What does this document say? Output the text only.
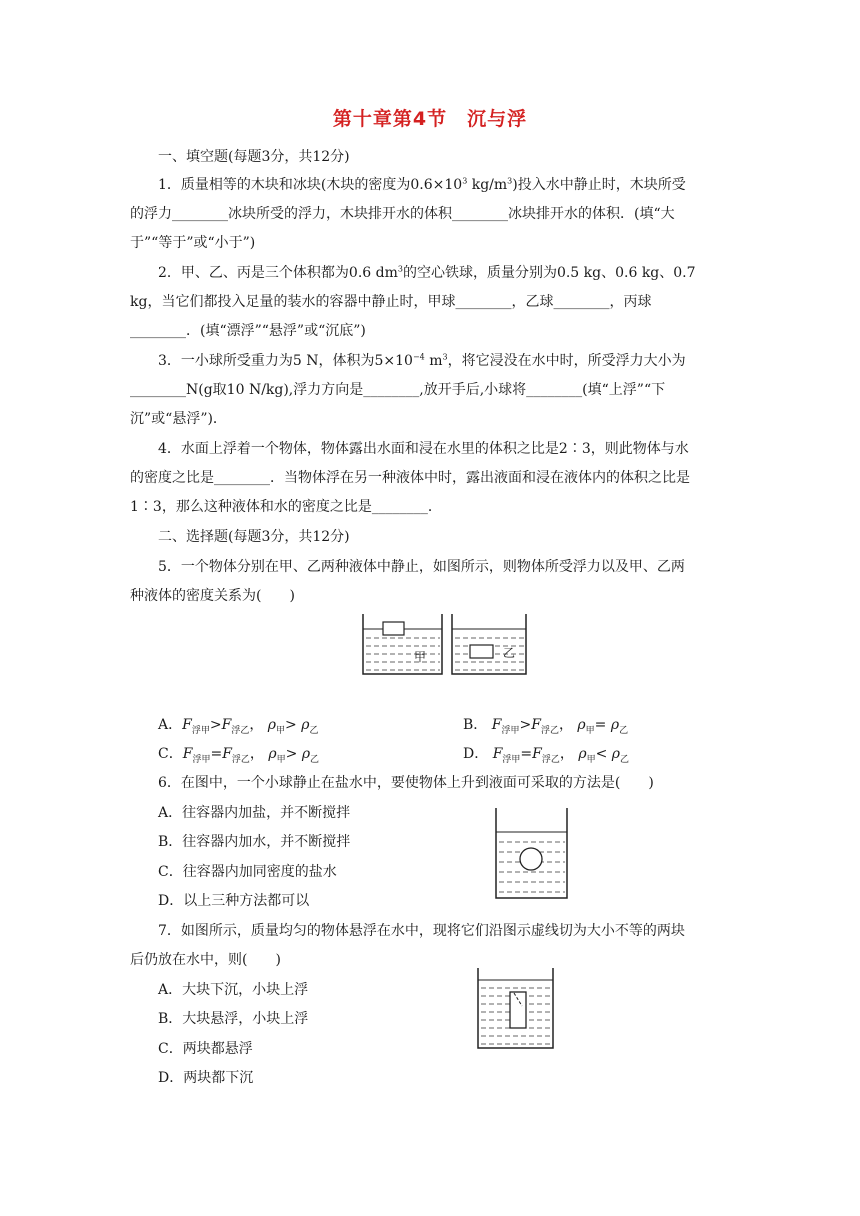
第十章第4节　沉与浮
一、填空题(每题3分，共12分)
1．质量相等的木块和冰块(木块的密度为$0.6\times 10^3$ $kg/m^3$)投入水中静止时，木块所受
的浮力________冰块所受的浮力，木块排开水的体积________冰块排开水的体积．(填“大
于”“等于”或“小于”)
2．甲、乙、丙是三个体积都为0.6 $dm^3$的空心铁球，质量分别为0.5 kg、0.6 kg、0.7
kg，当它们都投入足量的装水的容器中静止时，甲球________，乙球________，丙球
________．(填“漂浮”“悬浮”或“沉底”)
3．一小球所受重力为5 N，体积为$5\times 10^{-4}$ $m^3$，将它浸没在水中时，所受浮力大小为
________N(g取10 N/kg),浮力方向是________,放开手后,小球将________(填“上浮”“下
沉”或“悬浮”)．
4．水面上浮着一个物体，物体露出水面和浸在水里的体积之比是2∶3，则此物体与水
的密度之比是________．当物体浮在另一种液体中时，露出液面和浸在液体内的体积之比是
1∶3，那么这种液体和水的密度之比是________．
二、选择题(每题3分，共12分)
5．一个物体分别在甲、乙两种液体中静止，如图所示，则物体所受浮力以及甲、乙两
种液体的密度关系为(　　)
甲	乙
A．$F_{浮甲}>F_{浮乙}$， $\rho_甲> \rho_乙$	B． $F_{浮甲}>F_{浮乙}$， $\rho_甲= \rho_乙$
C．$F_{浮甲}=F_{浮乙}$， $\rho_甲> \rho_乙$	D． $F_{浮甲}=F_{浮乙}$， $\rho_甲< \rho_乙$
6．在图中，一个小球静止在盐水中，要使物体上升到液面可采取的方法是(　　)
A．往容器内加盐，并不断搅拌
B．往容器内加水，并不断搅拌
C．往容器内加同密度的盐水
D．以上三种方法都可以
7．如图所示，质量均匀的物体悬浮在水中，现将它们沿图示虚线切为大小不等的两块
后仍放在水中，则(　　)
A．大块下沉，小块上浮
B．大块悬浮，小块上浮
C．两块都悬浮
D．两块都下沉
